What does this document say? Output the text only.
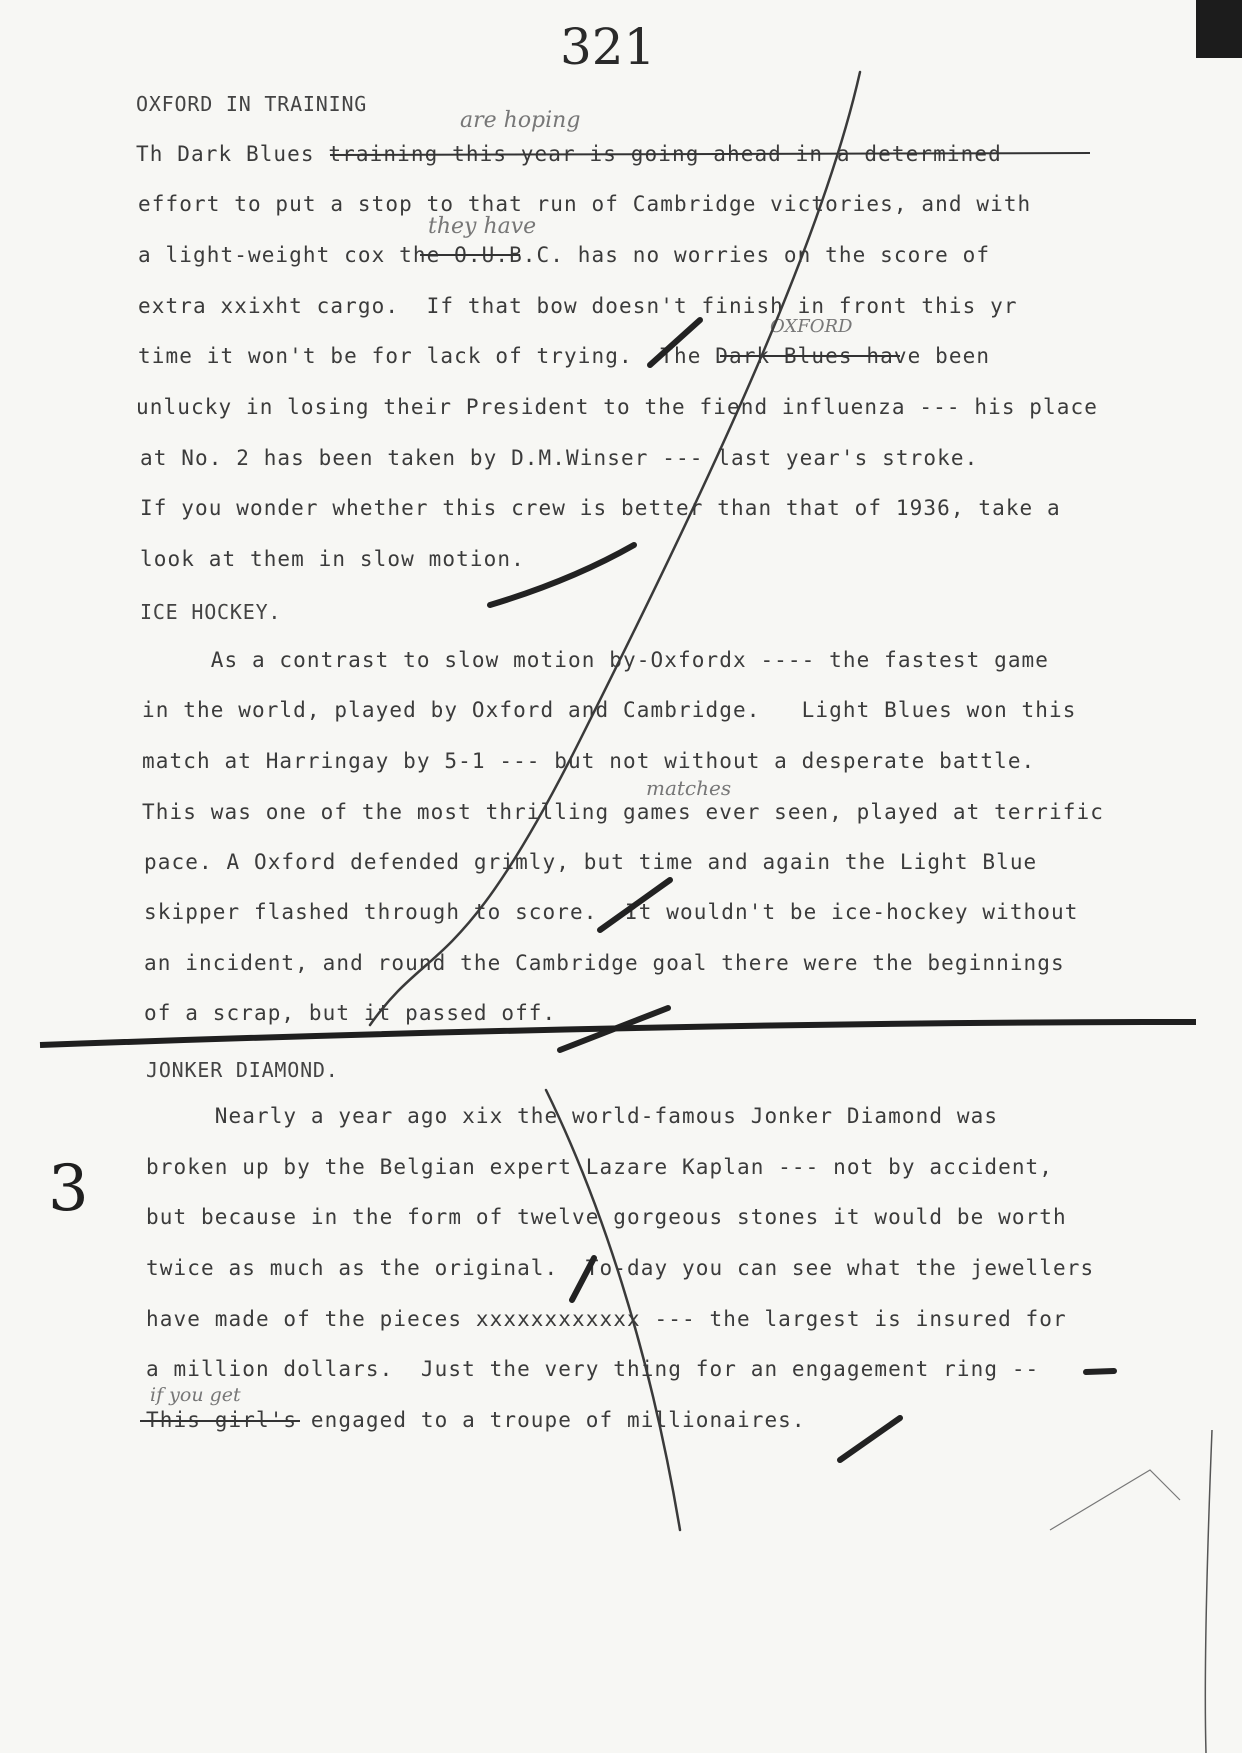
321
OXFORD IN TRAINING
Th Dark Blues training this year is going ahead in a determined
effort to put a stop to that run of Cambridge victories, and with
a light-weight cox the O.U.B.C. has no worries on the score of
extra xxixht cargo.  If that bow doesn't finish in front this yr
time it won't be for lack of trying.  The Dark Blues have been
unlucky in losing their President to the fiend influenza --- his place
at No. 2 has been taken by D.M.Winser --- last year's stroke.
If you wonder whether this crew is better than that of 1936, take a
look at them in slow motion.
ICE HOCKEY.
As a contrast to slow motion by-Oxfordx ---- the fastest game
in the world, played by Oxford and Cambridge.   Light Blues won this
match at Harringay by 5-1 --- but not without a desperate battle.
This was one of the most thrilling games ever seen, played at terrific
pace. A Oxford defended grimly, but time and again the Light Blue
skipper flashed through to score.  It wouldn't be ice-hockey without
an incident, and round the Cambridge goal there were the beginnings
of a scrap, but it passed off.
JONKER DIAMOND.
Nearly a year ago xix the world-famous Jonker Diamond was
broken up by the Belgian expert Lazare Kaplan --- not by accident,
but because in the form of twelve gorgeous stones it would be worth
twice as much as the original.  To-day you can see what the jewellers
have made of the pieces xxxxxxxxxxxx --- the largest is insured for
a million dollars.  Just the very thing for an engagement ring --
This girl's engaged to a troupe of millionaires.
are hoping
they have
OXFORD
matches
if you get
3
